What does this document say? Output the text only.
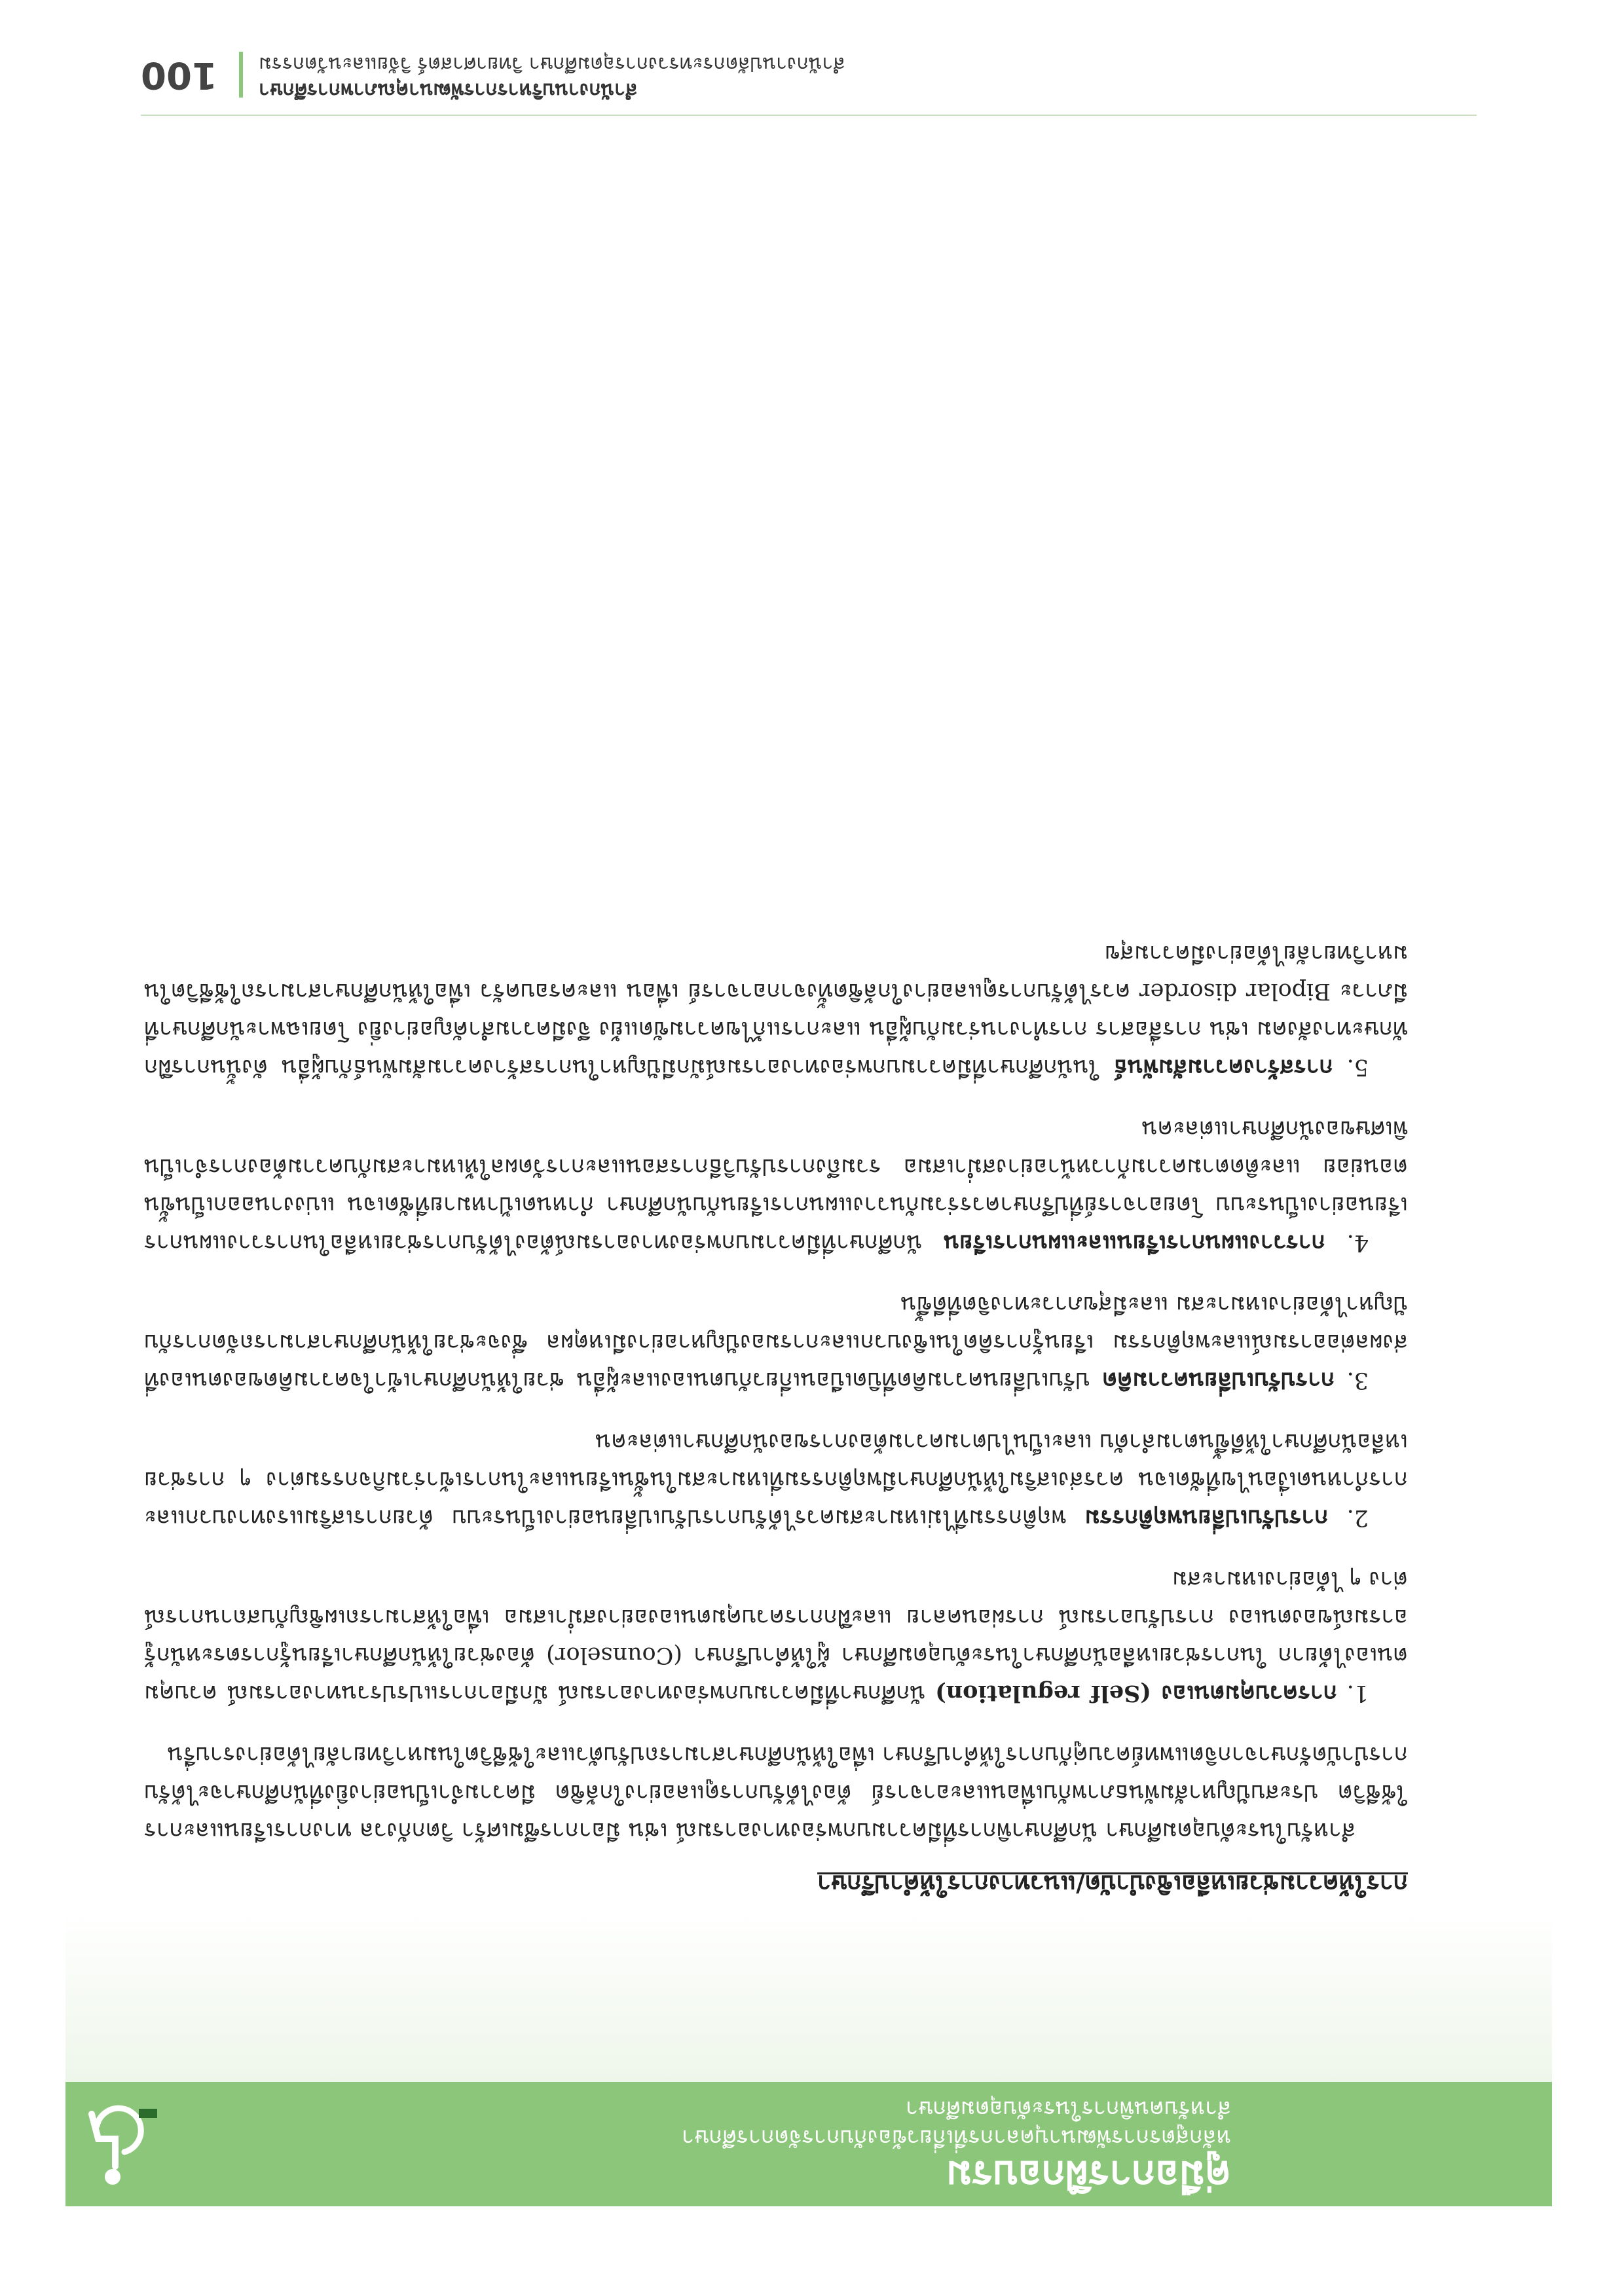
คู่มือการฝึกอบรม
หลักสูตรการพัฒนาบุคลากรที่เกี่ยวข้องกับการจัดการศึกษา
สำหรับคนพิการในระดับอุดมศึกษา
การให้ความช่วยเหลือเชิงบำบัด/แนวทางการให้คำปรึกษา

สำหรับในระดับอุดมศึกษา นักศึกษาพิการที่มีความบกพร่องทางอารมณ์ เช่น มีอาการซึมเศร้า วิตกกังวล ทางการเรียนและการใช้ชีวิต ประสบปัญหาสัมพันธภาพกับเพื่อนและอาจารย์ ต้องได้รับการดูแลอย่างใกล้ชิด มีความจำเป็นอย่างยิ่งที่นักศึกษาจะได้รับการบำบัดรักษาจากจิตแพทย์ควบคู่กับการให้คำปรึกษา เพื่อให้นักศึกษาสามารถปรับตัวและใช้ชีวิตในมหาวิทยาลัยได้อย่างราบรื่น

1. การควบคุมตนเอง (Self regulation) นักศึกษาที่มีความบกพร่องทางอารมณ์ มักมีอาการแปรปรวนทางอารมณ์ ควบคุมตนเองได้ยาก ในการช่วยเหลือนักศึกษาในระดับอุดมศึกษา ผู้ให้คำปรึกษา (Counselor) ต้องช่วยให้นักศึกษาเรียนรู้การตระหนักรู้อารมณ์ของตนเอง การปรับอารมณ์ การผ่อนคลาย และฝึกการควบคุมตนเองอย่างสม่ำเสมอ เพื่อให้สามารถเผชิญกับสถานการณ์ต่าง ๆ ได้อย่างเหมาะสม

2. การปรับเปลี่ยนพฤติกรรม พฤติกรรมที่ไม่เหมาะสมควรได้รับการปรับเปลี่ยนอย่างเป็นระบบ ด้วยการเสริมแรงทางบวกและการกำหนดเงื่อนไขที่ชัดเจน ควรส่งเสริมให้นักศึกษามีพฤติกรรมที่เหมาะสมในชั้นเรียนและในการเข้าร่วมกิจกรรมต่าง ๆ การช่วยเหลือนักศึกษาให้ดีขึ้นตามลำดับ และเป็นไปตามความต้องการของนักศึกษาแต่ละคน

3. การปรับเปลี่ยนความคิด ปรับเปลี่ยนความคิดที่บิดเบือนเกี่ยวกับตนเองและผู้อื่น ช่วยให้นักศึกษาเข้าใจความคิดของตนเองที่ส่งผลต่ออารมณ์และพฤติกรรม เรียนรู้การคิดในเชิงบวกและการมองปัญหาอย่างมีเหตุผล ซึ่งจะช่วยให้นักศึกษาสามารถจัดการกับปัญหาได้อย่างเหมาะสม และมีสุขภาวะทางจิตที่ดีขึ้น

4. การวางแผนการเรียนและแผนการเรียน นักศึกษาที่มีความบกพร่องทางอารมณ์ต้องได้รับการช่วยเหลือในการวางแผนการเรียนอย่างเป็นระบบ โดยอาจารย์ที่ปรึกษาควรร่วมกันวางแผนการเรียนกับนักศึกษา กำหนดเป้าหมายที่ชัดเจน แบ่งงานออกเป็นขั้นตอนย่อย และติดตามความก้าวหน้าอย่างสม่ำเสมอ รวมถึงการปรับวิธีการสอนและการวัดผลให้เหมาะสมกับความต้องการจำเป็นพิเศษของนักศึกษาแต่ละคน

5. การสร้างความสัมพันธ์ ในนักศึกษาที่มีความบกพร่องทางอารมณ์มักมีปัญหาในการสร้างความสัมพันธ์กับผู้อื่น ดังนั้นการฝึกทักษะทางสังคม เช่น การสื่อสาร การทำงานร่วมกับผู้อื่น และการแก้ไขความขัดแย้ง จึงมีความสำคัญอย่างยิ่ง โดยเฉพาะนักศึกษาที่มีภาวะ Bipolar disorder ควรได้รับการดูแลอย่างใกล้ชิดทั้งจากอาจารย์ เพื่อน และครอบครัว เพื่อให้นักศึกษาสามารถใช้ชีวิตในมหาวิทยาลัยได้อย่างมีความสุข

สำนักงานบริหารการพัฒนาคุณภาพการศึกษา
สำนักงานปลัดกระทรวงการอุดมศึกษา วิทยาศาสตร์ วิจัยและนวัตกรรม
100
